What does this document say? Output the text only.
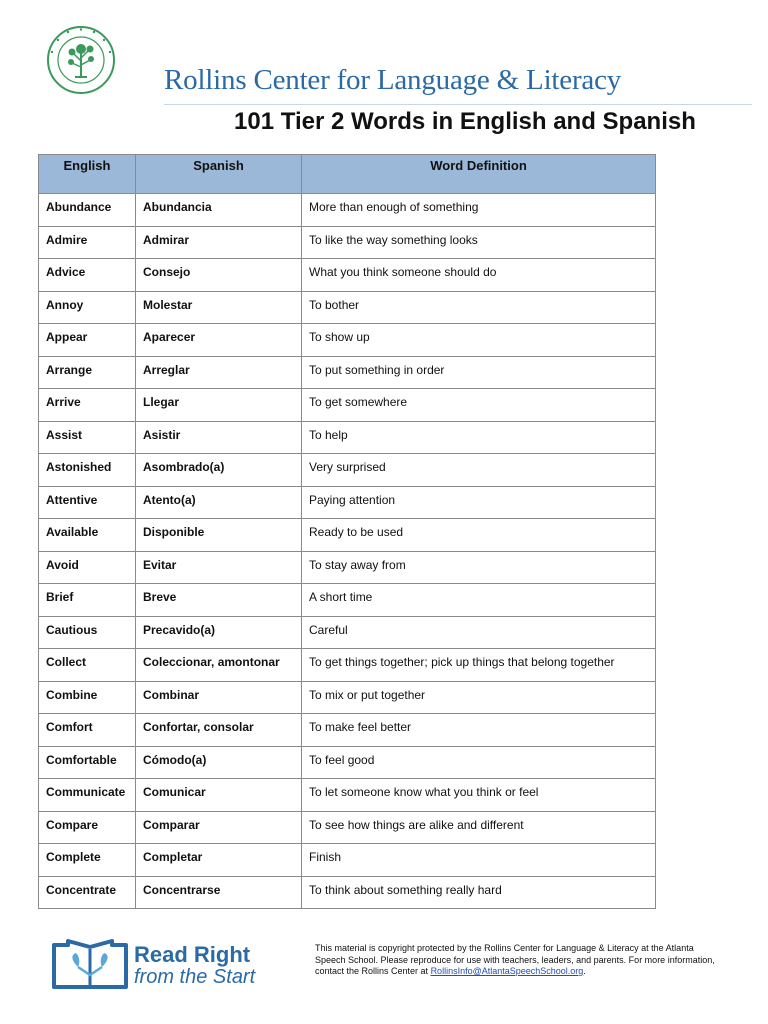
Rollins Center for Language & Literacy
101 Tier 2 Words in English and Spanish
English	Spanish	Word Definition
Abundance	Abundancia	More than enough of something
Admire	Admirar	To like the way something looks
Advice	Consejo	What you think someone should do
Annoy	Molestar	To bother
Appear	Aparecer	To show up
Arrange	Arreglar	To put something in order
Arrive	Llegar	To get somewhere
Assist	Asistir	To help
Astonished	Asombrado(a)	Very surprised
Attentive	Atento(a)	Paying attention
Available	Disponible	Ready to be used
Avoid	Evitar	To stay away from
Brief	Breve	A short time
Cautious	Precavido(a)	Careful
Collect	Coleccionar, amontonar	To get things together; pick up things that belong together
Combine	Combinar	To mix or put together
Comfort	Confortar, consolar	To make feel better
Comfortable	Cómodo(a)	To feel good
Communicate	Comunicar	To let someone know what you think or feel
Compare	Comparar	To see how things are alike and different
Complete	Completar	Finish
Concentrate	Concentrarse	To think about something really hard
Read Right
from the Start
This material is copyright protected by the Rollins Center for Language & Literacy at the Atlanta Speech School. Please reproduce for use with teachers, leaders, and parents. For more information, contact the Rollins Center at RollinsInfo@AtlantaSpeechSchool.org.
